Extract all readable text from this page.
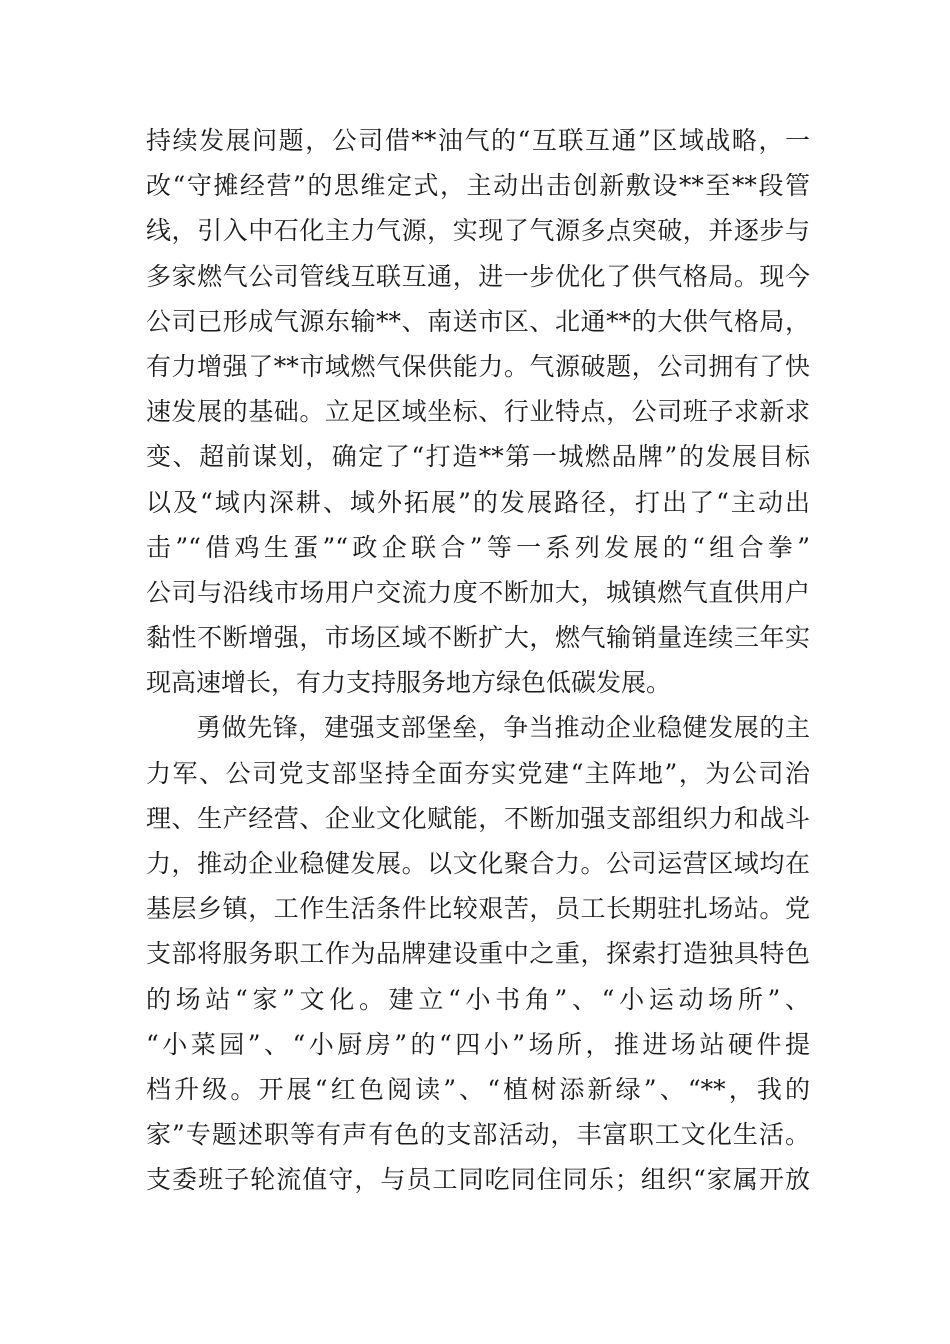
持续发展问题，公司借**油气的“互联互通”区域战略，一
改“守摊经营”的思维定式，主动出击创新敷设**至**段管
线，引入中石化主力气源，实现了气源多点突破，并逐步与
多家燃气公司管线互联互通，进一步优化了供气格局。现今
公司已形成气源东输**、南送市区、北通**的大供气格局，
有力增强了**市域燃气保供能力。气源破题，公司拥有了快
速发展的基础。立足区域坐标、行业特点，公司班子求新求
变、超前谋划，确定了“打造**第一城燃品牌”的发展目标
以及“域内深耕、域外拓展”的发展路径，打出了“主动出
击”“借鸡生蛋”“政企联合”等一系列发展的“组合拳”
公司与沿线市场用户交流力度不断加大，城镇燃气直供用户
黏性不断增强，市场区域不断扩大，燃气输销量连续三年实
现高速增长，有力支持服务地方绿色低碳发展。
勇做先锋，建强支部堡垒，争当推动企业稳健发展的主
力军、公司党支部坚持全面夯实党建“主阵地”，为公司治
理、生产经营、企业文化赋能，不断加强支部组织力和战斗
力，推动企业稳健发展。以文化聚合力。公司运营区域均在
基层乡镇，工作生活条件比较艰苦，员工长期驻扎场站。党
支部将服务职工作为品牌建设重中之重，探索打造独具特色
的场站“家”文化。建立“小书角”、“小运动场所”、
“小菜园”、“小厨房”的“四小”场所，推进场站硬件提
档升级。开展“红色阅读”、“植树添新绿”、“**，我的
家”专题述职等有声有色的支部活动，丰富职工文化生活。
支委班子轮流值守，与员工同吃同住同乐；组织“家属开放
